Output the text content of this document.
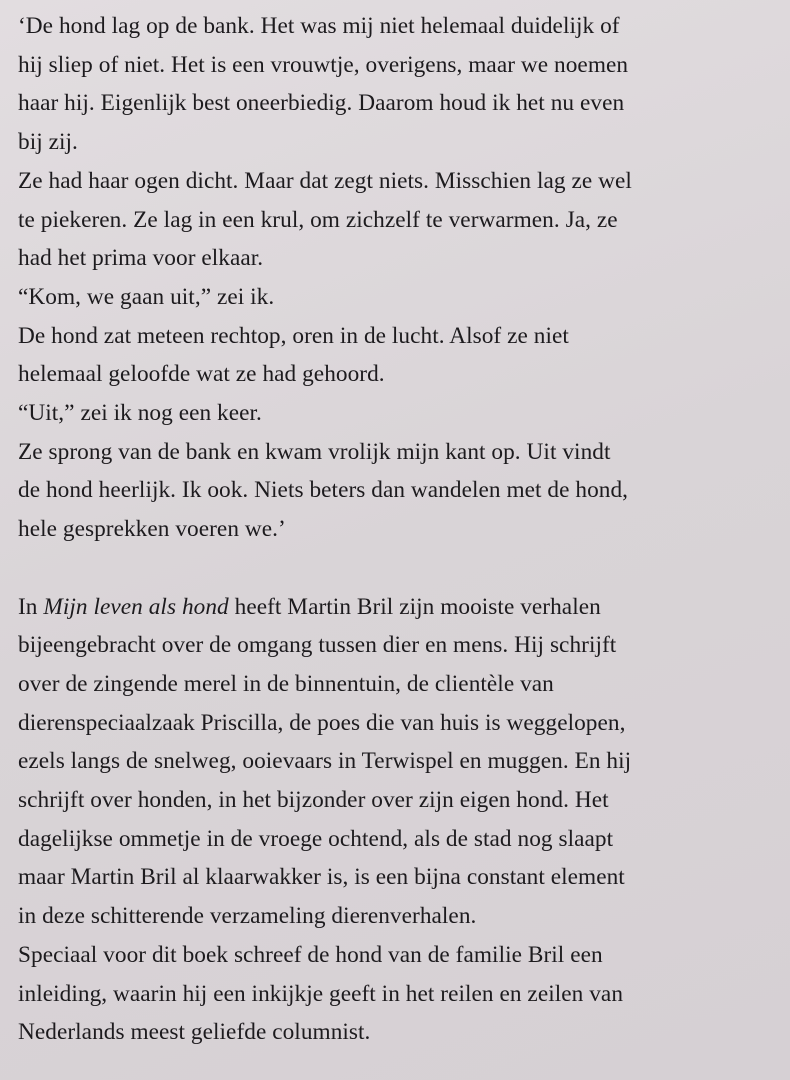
‘De hond lag op de bank. Het was mij niet helemaal duidelijk of
hij sliep of niet. Het is een vrouwtje, overigens, maar we noemen
haar hij. Eigenlijk best oneerbiedig. Daarom houd ik het nu even
bij zij.
Ze had haar ogen dicht. Maar dat zegt niets. Misschien lag ze wel
te piekeren. Ze lag in een krul, om zichzelf te verwarmen. Ja, ze
had het prima voor elkaar.
“Kom, we gaan uit,” zei ik.
De hond zat meteen rechtop, oren in de lucht. Alsof ze niet
helemaal geloofde wat ze had gehoord.
“Uit,” zei ik nog een keer.
Ze sprong van de bank en kwam vrolijk mijn kant op. Uit vindt
de hond heerlijk. Ik ook. Niets beters dan wandelen met de hond,
hele gesprekken voeren we.’
In Mijn leven als hond heeft Martin Bril zijn mooiste verhalen
bijeengebracht over de omgang tussen dier en mens. Hij schrijft
over de zingende merel in de binnentuin, de clientèle van
dierenspeciaalzaak Priscilla, de poes die van huis is weggelopen,
ezels langs de snelweg, ooievaars in Terwispel en muggen. En hij
schrijft over honden, in het bijzonder over zijn eigen hond. Het
dagelijkse ommetje in de vroege ochtend, als de stad nog slaapt
maar Martin Bril al klaarwakker is, is een bijna constant element
in deze schitterende verzameling dierenverhalen.
Speciaal voor dit boek schreef de hond van de familie Bril een
inleiding, waarin hij een inkijkje geeft in het reilen en zeilen van
Nederlands meest geliefde columnist.
